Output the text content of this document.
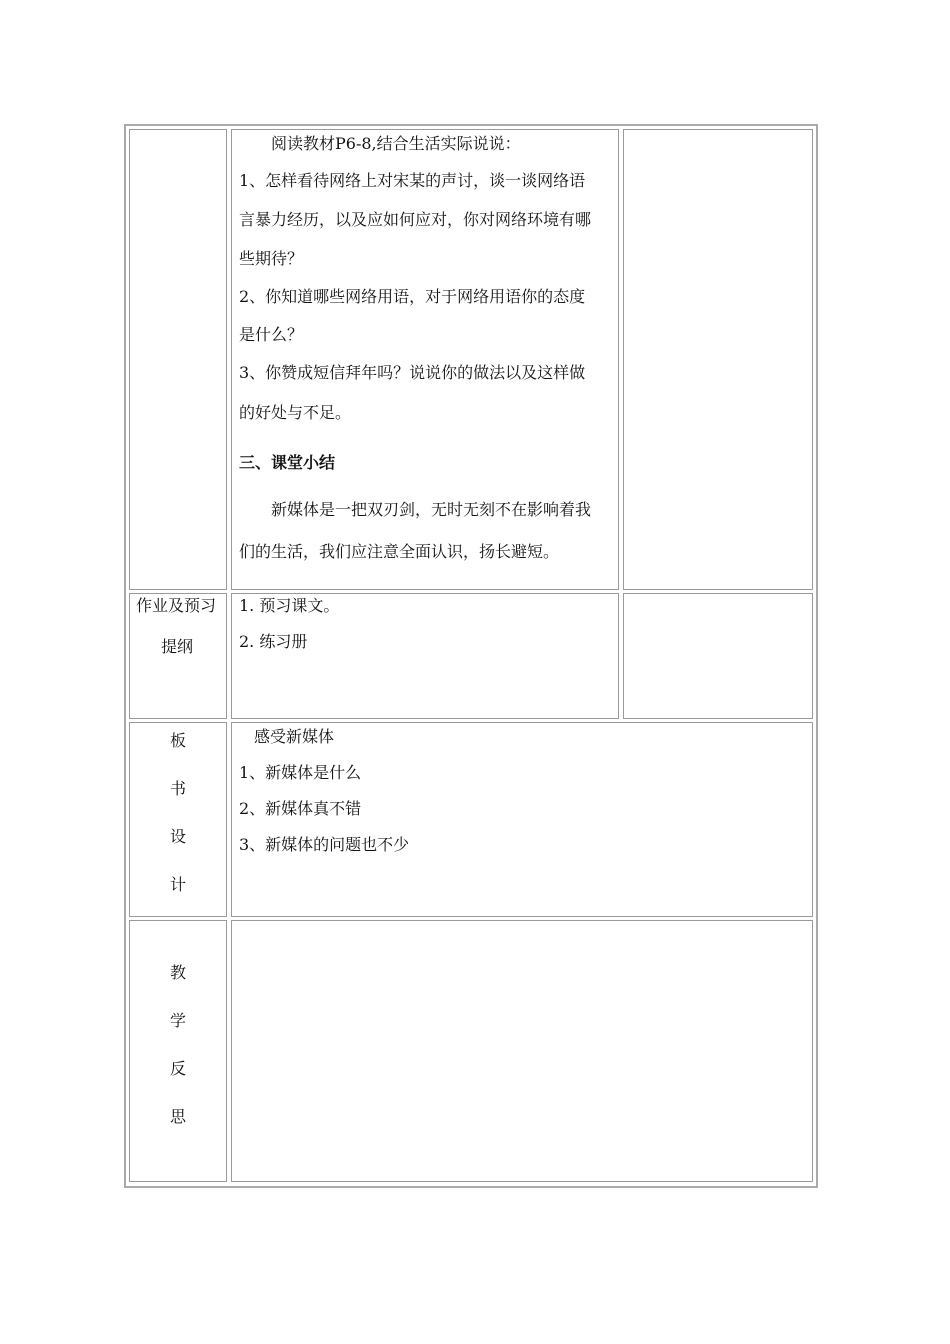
阅读教材P6-8,结合生活实际说说：
1、怎样看待网络上对宋某的声讨，谈一谈网络语
言暴力经历，以及应如何应对，你对网络环境有哪
些期待？
2、你知道哪些网络用语，对于网络用语你的态度
是什么？
3、你赞成短信拜年吗？说说你的做法以及这样做
的好处与不足。
三、课堂小结
新媒体是一把双刃剑，无时无刻不在影响着我
们的生活，我们应注意全面认识，扬长避短。
作业及预习
提纲
1. 预习课文。
2. 练习册
板
书
设
计
感受新媒体
1、新媒体是什么
2、新媒体真不错
3、新媒体的问题也不少
教
学
反
思
